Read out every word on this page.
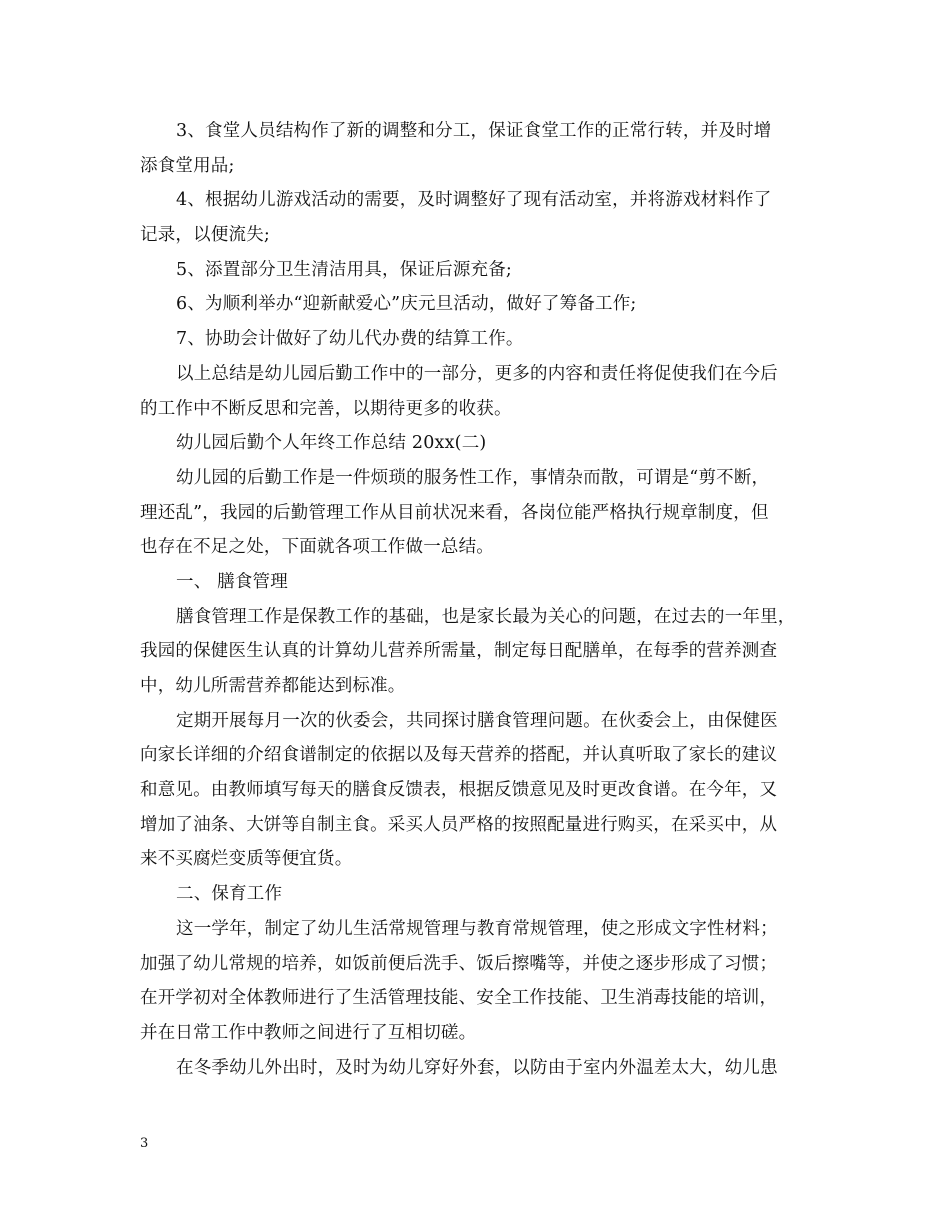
3、食堂人员结构作了新的调整和分工，保证食堂工作的正常行转，并及时增
添食堂用品;
4、根据幼儿游戏活动的需要，及时调整好了现有活动室，并将游戏材料作了
记录，以便流失;
5、添置部分卫生清洁用具，保证后源充备;
6、为顺利举办“迎新献爱心”庆元旦活动，做好了筹备工作;
7、协助会计做好了幼儿代办费的结算工作。
以上总结是幼儿园后勤工作中的一部分，更多的内容和责任将促使我们在今后
的工作中不断反思和完善，以期待更多的收获。
幼儿园后勤个人年终工作总结 20xx(二)
幼儿园的后勤工作是一件烦琐的服务性工作，事情杂而散，可谓是“剪不断，
理还乱”，我园的后勤管理工作从目前状况来看，各岗位能严格执行规章制度，但
也存在不足之处，下面就各项工作做一总结。
一、 膳食管理
膳食管理工作是保教工作的基础，也是家长最为关心的问题，在过去的一年里，
我园的保健医生认真的计算幼儿营养所需量，制定每日配膳单，在每季的营养测查
中，幼儿所需营养都能达到标准。
定期开展每月一次的伙委会，共同探讨膳食管理问题。在伙委会上，由保健医
向家长详细的介绍食谱制定的依据以及每天营养的搭配，并认真听取了家长的建议
和意见。由教师填写每天的膳食反馈表，根据反馈意见及时更改食谱。在今年，又
增加了油条、大饼等自制主食。采买人员严格的按照配量进行购买，在采买中，从
来不买腐烂变质等便宜货。
二、保育工作
这一学年，制定了幼儿生活常规管理与教育常规管理，使之形成文字性材料；
加强了幼儿常规的培养，如饭前便后洗手、饭后擦嘴等，并使之逐步形成了习惯；
在开学初对全体教师进行了生活管理技能、安全工作技能、卫生消毒技能的培训，
并在日常工作中教师之间进行了互相切磋。
在冬季幼儿外出时，及时为幼儿穿好外套，以防由于室内外温差太大，幼儿患
3
